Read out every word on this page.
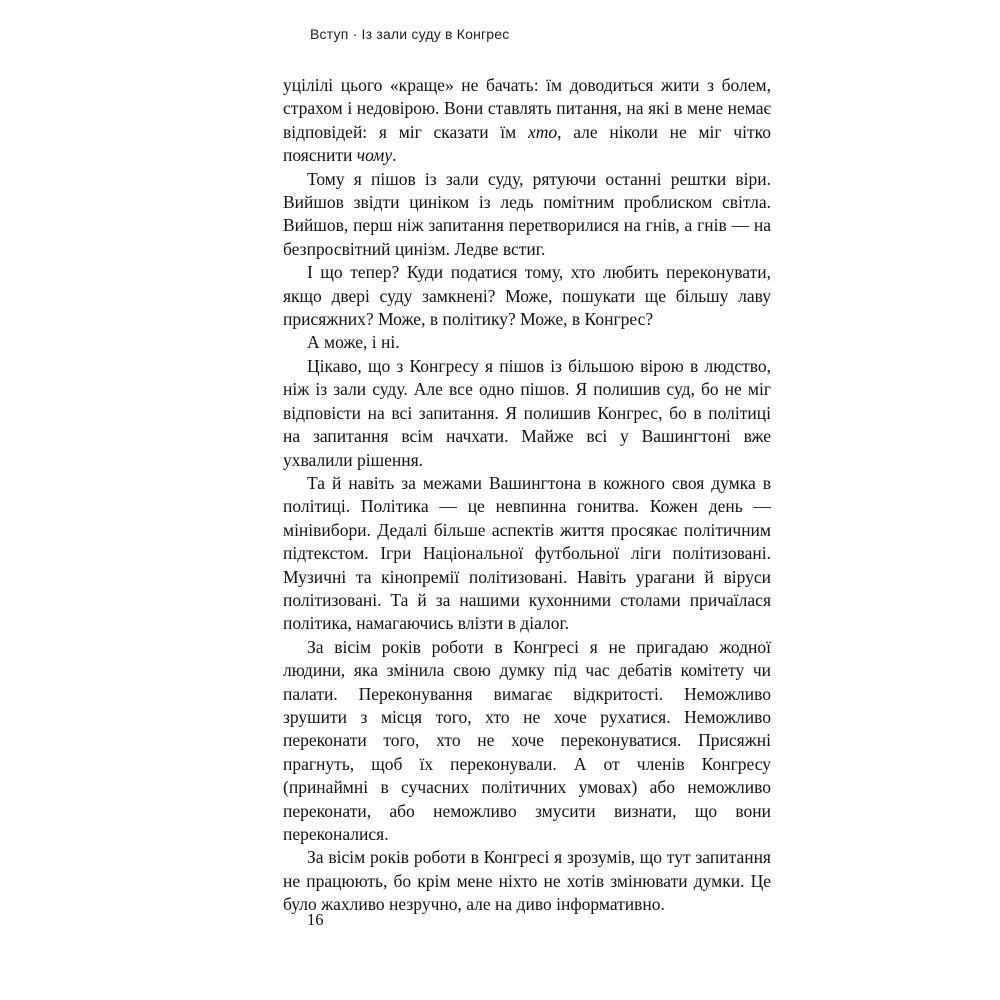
Вступ · Із зали суду в Конгрес

уцілілі цього «краще» не бачать: їм доводиться жити з болем, страхом і недовірою. Вони ставлять питання, на які в мене немає відповідей: я міг сказати їм хто, але ніколи не міг чітко пояснити чому.

Тому я пішов із зали суду, рятуючи останні рештки віри. Вийшов звідти циніком із ледь помітним проблиском світла. Вийшов, перш ніж запитання перетворилися на гнів, а гнів — на безпросвітний цинізм. Ледве встиг.

І що тепер? Куди податися тому, хто любить переконувати, якщо двері суду замкнені? Може, пошукати ще більшу лаву присяжних? Може, в політику? Може, в Конгрес?

А може, і ні.

Цікаво, що з Конгресу я пішов із більшою вірою в людство, ніж із зали суду. Але все одно пішов. Я полишив суд, бо не міг відповісти на всі запитання. Я полишив Конгрес, бо в політиці на запитання всім начхати. Майже всі у Вашингтоні вже ухвалили рішення.

Та й навіть за межами Вашингтона в кожного своя думка в політиці. Політика — це невпинна гонитва. Кожен день — мінівибори. Дедалі більше аспектів життя просякає політичним підтекстом. Ігри Національної футбольної ліги політизовані. Музичні та кінопремії політизовані. Навіть урагани й віруси політизовані. Та й за нашими кухонними столами причаїлася політика, намагаючись влізти в діалог.

За вісім років роботи в Конгресі я не пригадаю жодної людини, яка змінила свою думку під час дебатів комітету чи палати. Переконування вимагає відкритості. Неможливо зрушити з місця того, хто не хоче рухатися. Неможливо переконати того, хто не хоче переконуватися. Присяжні прагнуть, щоб їх переконували. А от членів Конгресу (принаймні в сучасних політичних умовах) або неможливо переконати, або неможливо змусити визнати, що вони переконалися.

За вісім років роботи в Конгресі я зрозумів, що тут запитання не працюють, бо крім мене ніхто не хотів змінювати думки. Це було жахливо незручно, але на диво інформативно.

16
